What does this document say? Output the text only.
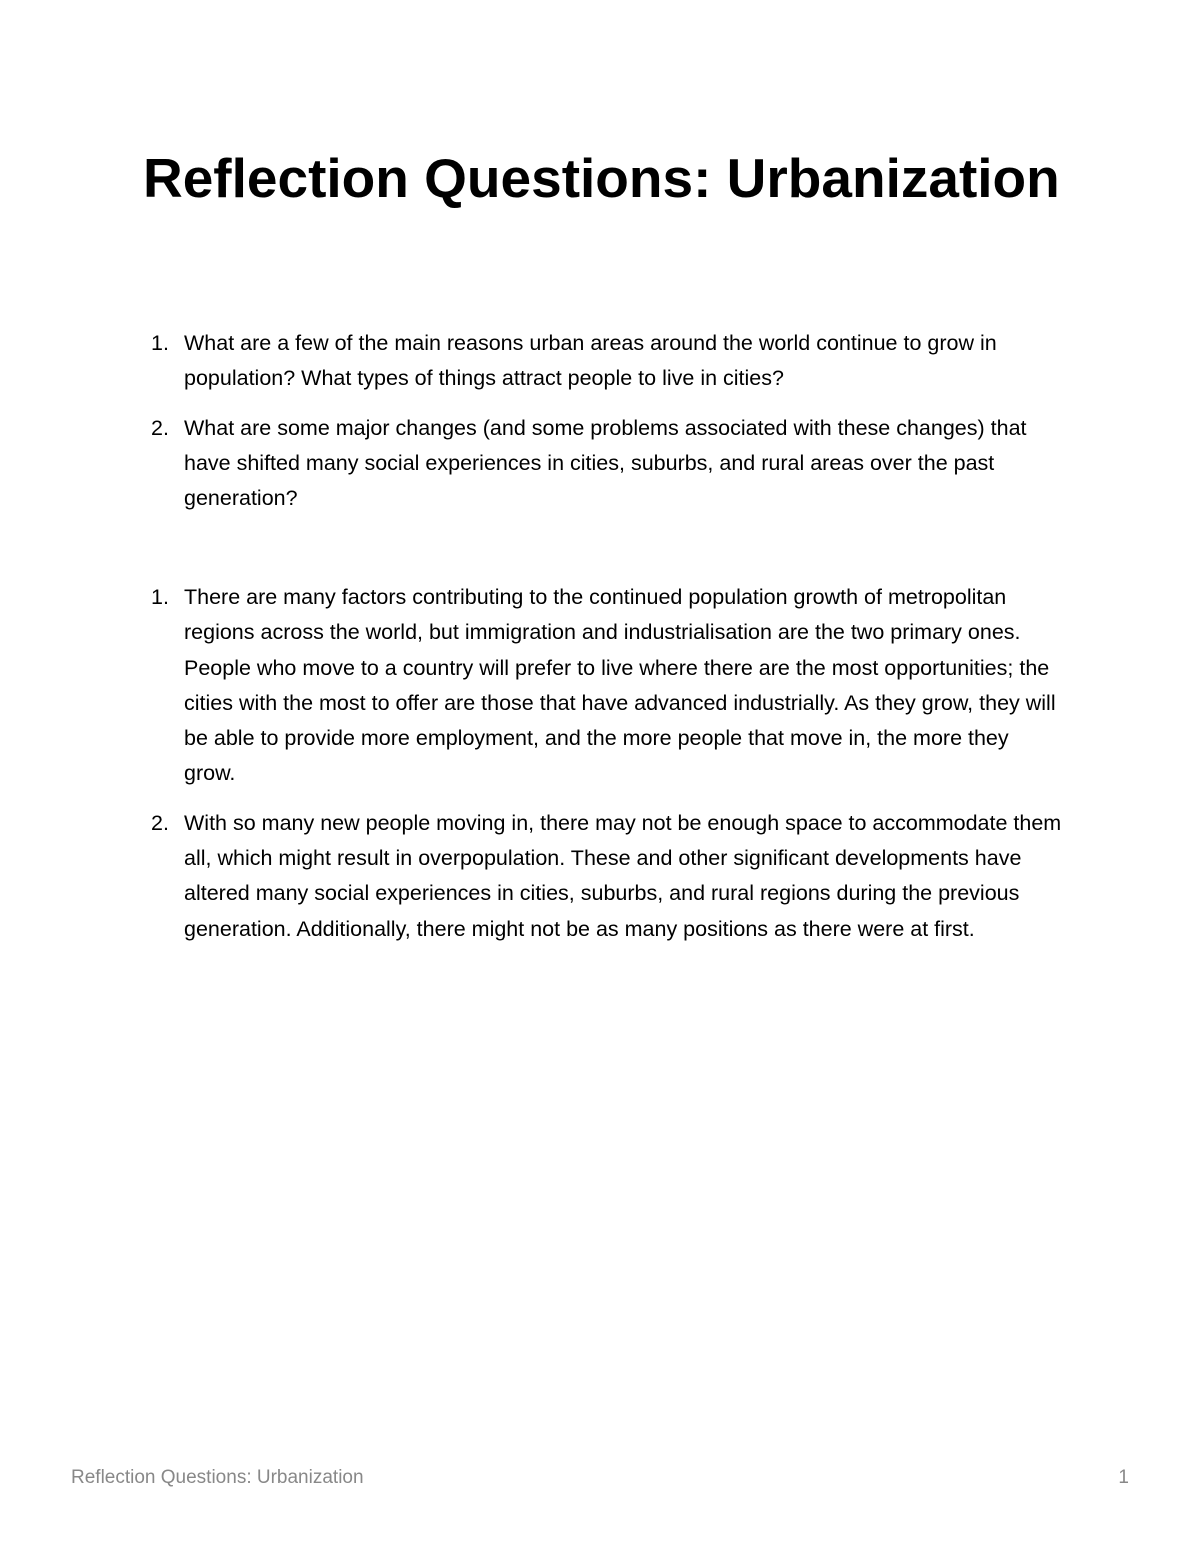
Reflection Questions: Urbanization
1. What are a few of the main reasons urban areas around the world continue to grow in population? What types of things attract people to live in cities?
2. What are some major changes (and some problems associated with these changes) that have shifted many social experiences in cities, suburbs, and rural areas over the past generation?
1. There are many factors contributing to the continued population growth of metropolitan regions across the world, but immigration and industrialisation are the two primary ones. People who move to a country will prefer to live where there are the most opportunities; the cities with the most to offer are those that have advanced industrially. As they grow, they will be able to provide more employment, and the more people that move in, the more they grow.
2. With so many new people moving in, there may not be enough space to accommodate them all, which might result in overpopulation. These and other significant developments have altered many social experiences in cities, suburbs, and rural regions during the previous generation. Additionally, there might not be as many positions as there were at first.
Reflection Questions: Urbanization	1
